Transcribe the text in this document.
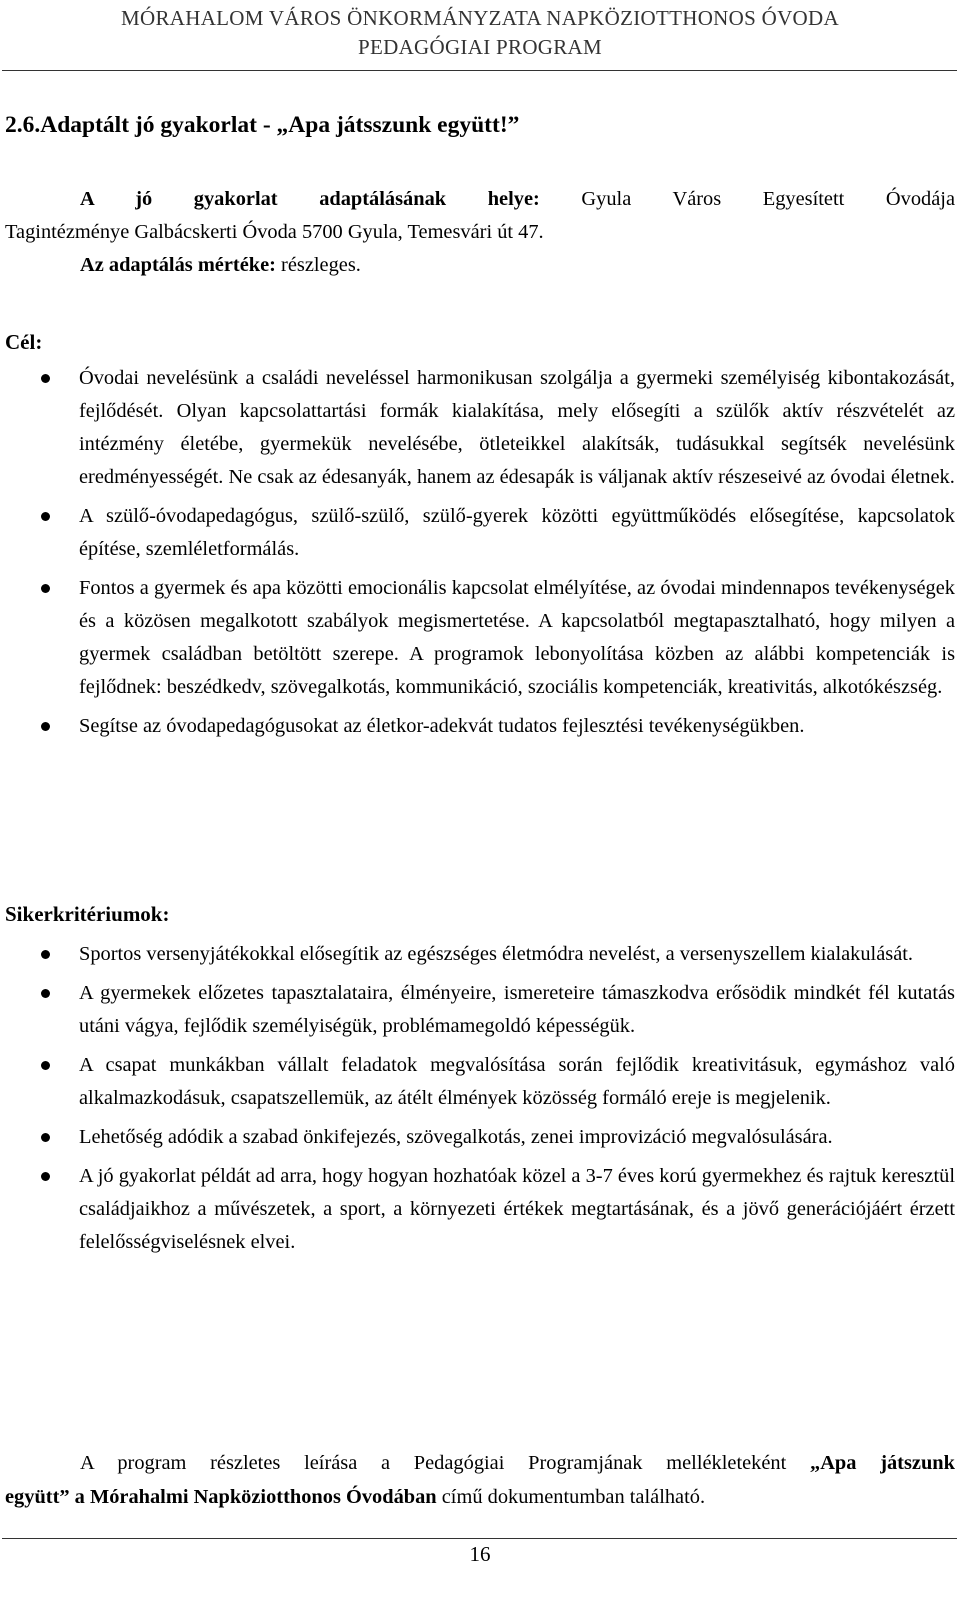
MÓRAHALOM VÁROS ÖNKORMÁNYZATA NAPKÖZIOTTHONOS ÓVODA
PEDAGÓGIAI PROGRAM
2.6.Adaptált jó gyakorlat - „Apa játsszunk együtt!”
A jó gyakorlat adaptálásának helye: Gyula Város Egyesített Óvodája
Tagintézménye Galbácskerti Óvoda 5700 Gyula, Temesvári út 47.
Az adaptálás mértéke: részleges.
Cél:
Óvodai nevelésünk a családi neveléssel harmonikusan szolgálja a gyermeki személyiség kibontakozását, fejlődését. Olyan kapcsolattartási formák kialakítása, mely elősegíti a szülők aktív részvételét az intézmény életébe, gyermekük nevelésébe, ötleteikkel alakítsák, tudásukkal segítsék nevelésünk eredményességét. Ne csak az édesanyák, hanem az édesapák is váljanak aktív részeseivé az óvodai életnek.
A szülő-óvodapedagógus, szülő-szülő, szülő-gyerek közötti együttműködés elősegítése, kapcsolatok építése, szemléletformálás.
Fontos a gyermek és apa közötti emocionális kapcsolat elmélyítése, az óvodai mindennapos tevékenységek és a közösen megalkotott szabályok megismertetése. A kapcsolatból megtapasztalható, hogy milyen a gyermek családban betöltött szerepe. A programok lebonyolítása közben az alábbi kompetenciák is fejlődnek: beszédkedv, szövegalkotás, kommunikáció, szociális kompetenciák, kreativitás, alkotókészség.
Segítse az óvodapedagógusokat az életkor-adekvát tudatos fejlesztési tevékenységükben.
Sikerkritériumok:
Sportos versenyjátékokkal elősegítik az egészséges életmódra nevelést, a versenyszellem kialakulását.
A gyermekek előzetes tapasztalataira, élményeire, ismereteire támaszkodva erősödik mindkét fél kutatás utáni vágya, fejlődik személyiségük, problémamegoldó képességük.
A csapat munkákban vállalt feladatok megvalósítása során fejlődik kreativitásuk, egymáshoz való alkalmazkodásuk, csapatszellemük, az átélt élmények közösség formáló ereje is megjelenik.
Lehetőség adódik a szabad önkifejezés, szövegalkotás, zenei improvizáció megvalósulására.
A jó gyakorlat példát ad arra, hogy hogyan hozhatóak közel a 3-7 éves korú gyermekhez és rajtuk keresztül családjaikhoz a művészetek, a sport, a környezeti értékek megtartásának, és a jövő generációjáért érzett felelősségviselésnek elvei.
A program részletes leírása a Pedagógiai Programjának mellékleteként „Apa játszunk
együtt” a Mórahalmi Napköziotthonos Óvodában című dokumentumban található.
16
